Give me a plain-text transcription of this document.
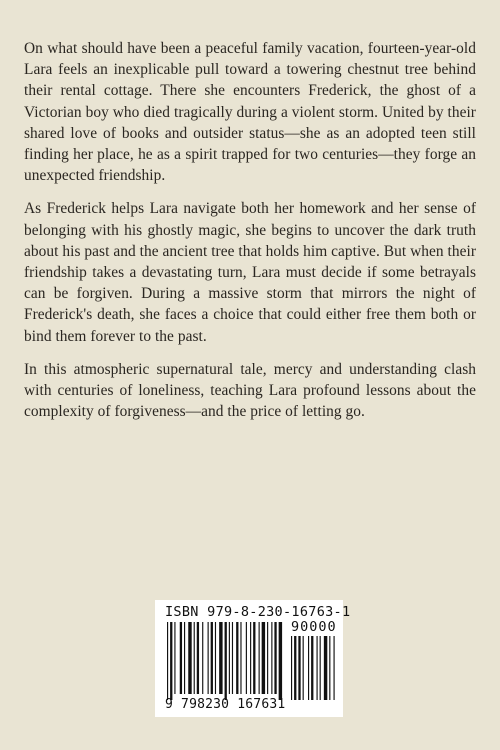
On what should have been a peaceful family vacation, fourteen-year-old Lara feels an inexplicable pull toward a towering chestnut tree behind their rental cottage. There she encounters Frederick, the ghost of a Victorian boy who died tragically during a violent storm. United by their shared love of books and outsider status—she as an adopted teen still finding her place, he as a spirit trapped for two centuries—they forge an unexpected friendship.

As Frederick helps Lara navigate both her homework and her sense of belonging with his ghostly magic, she begins to uncover the dark truth about his past and the ancient tree that holds him captive. But when their friendship takes a devastating turn, Lara must decide if some betrayals can be forgiven. During a massive storm that mirrors the night of Frederick's death, she faces a choice that could either free them both or bind them forever to the past.

In this atmospheric supernatural tale, mercy and understanding clash with centuries of loneliness, teaching Lara profound lessons about the complexity of forgiveness—and the price of letting go.

ISBN 979-8-230-16763-1
90000
9 798230 167631
